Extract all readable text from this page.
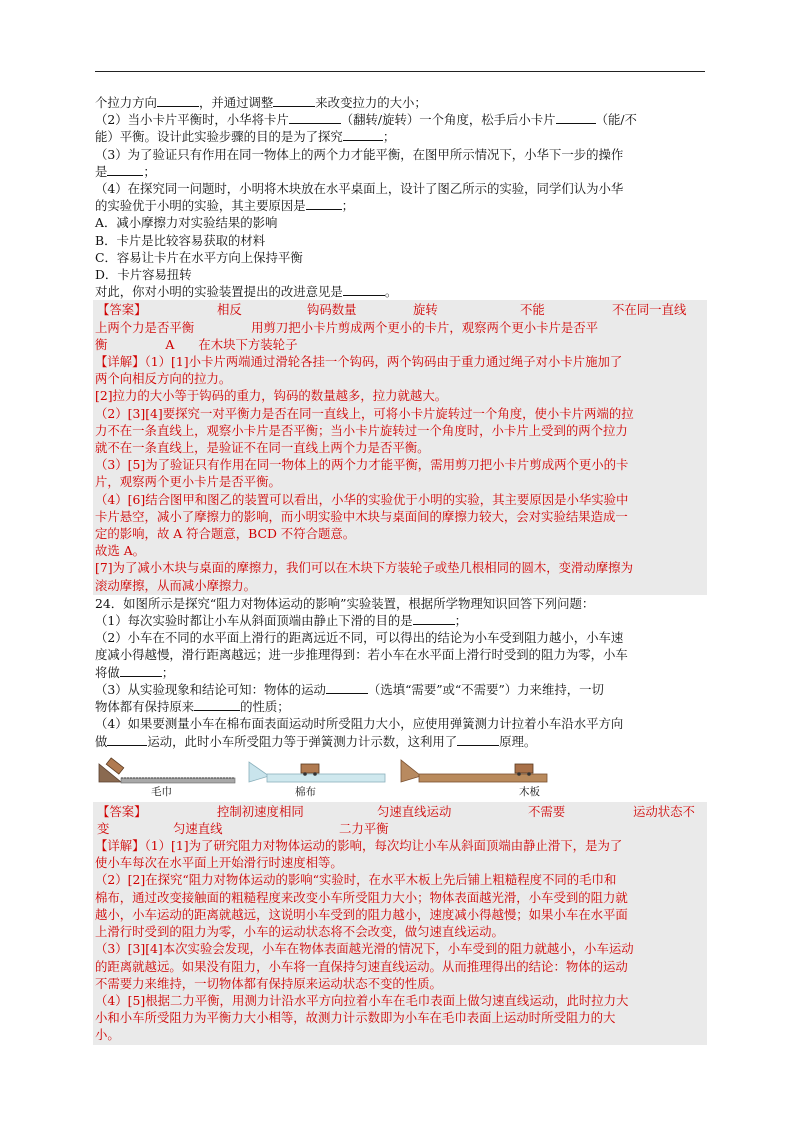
个拉力方向	，并通过调整	来改变拉力的大小；

（2）当小卡片平衡时，小华将卡片	（翻转/旋转）一个角度，松手后小卡片	（能/不

能）平衡。设计此实验步骤的目的是为了探究	；

（3）为了验证只有作用在同一物体上的两个力才能平衡，在图甲所示情况下，小华下一步的操作

是	；

（4）在探究同一问题时，小明将木块放在水平桌面上，设计了图乙所示的实验，同学们认为小华

的实验优于小明的实验，其主要原因是	；

A．减小摩擦力对实验结果的影响

B．卡片是比较容易获取的材料

C．容易让卡片在水平方向上保持平衡

D．卡片容易扭转

对此，你对小明的实验装置提出的改进意见是	。

【答案】	相反	钩码数量	旋转	不能	不在同一直线

上两个力是否平衡	用剪刀把小卡片剪成两个更小的卡片，观察两个更小卡片是否平

衡	A 在木块下方装轮子

【详解】（1）[1]小卡片两端通过滑轮各挂一个钩码，两个钩码由于重力通过绳子对小卡片施加了

两个向相反方向的拉力。

[2]拉力的大小等于钩码的重力，钩码的数量越多，拉力就越大。

（2）[3][4]要探究一对平衡力是否在同一直线上，可将小卡片旋转过一个角度，使小卡片两端的拉

力不在一条直线上，观察小卡片是否平衡；当小卡片旋转过一个角度时，小卡片上受到的两个拉力

就不在一条直线上，是验证不在同一直线上两个力是否平衡。

（3）[5]为了验证只有作用在同一物体上的两个力才能平衡，需用剪刀把小卡片剪成两个更小的卡

片，观察两个更小卡片是否平衡。

（4）[6]结合图甲和图乙的装置可以看出，小华的实验优于小明的实验，其主要原因是小华实验中

卡片悬空，减小了摩擦力的影响，而小明实验中木块与桌面间的摩擦力较大，会对实验结果造成一

定的影响，故 A 符合题意，BCD 不符合题意。

故选 A。

[7]为了减小木块与桌面的摩擦力，我们可以在木块下方装轮子或垫几根相同的圆木，变滑动摩擦为

滚动摩擦，从而减小摩擦力。

24．如图所示是探究“阻力对物体运动的影响”实验装置，根据所学物理知识回答下列问题：

（1）每次实验时都让小车从斜面顶端由静止下滑的目的是	；

（2）小车在不同的水平面上滑行的距离远近不同，可以得出的结论为小车受到阻力越小，小车速

度减小得越慢，滑行距离越远；进一步推理得到：若小车在水平面上滑行时受到的阻力为零，小车

将做	；

（3）从实验现象和结论可知：物体的运动	（选填“需要”或“不需要”）力来维持，一切

物体都有保持原来	的性质；

（4）如果要测量小车在棉布面表面运动时所受阻力大小，应使用弹簧测力计拉着小车沿水平方向

做	运动，此时小车所受阻力等于弹簧测力计示数，这利用了	原理。

毛巾	棉布	木板

【答案】	控制初速度相同	匀速直线运动	不需要	运动状态不

变	匀速直线	二力平衡

【详解】（1）[1]为了研究阻力对物体运动的影响，每次均让小车从斜面顶端由静止滑下，是为了

使小车每次在水平面上开始滑行时速度相等。

（2）[2]在探究“阻力对物体运动的影响“实验时，在水平木板上先后铺上粗糙程度不同的毛巾和

棉布，通过改变接触面的粗糙程度来改变小车所受阻力大小；物体表面越光滑，小车受到的阻力就

越小，小车运动的距离就越远，这说明小车受到的阻力越小，速度减小得越慢；如果小车在水平面

上滑行时受到的阻力为零，小车的运动状态将不会改变，做匀速直线运动。

（3）[3][4]本次实验会发现，小车在物体表面越光滑的情况下，小车受到的阻力就越小，小车运动

的距离就越远。如果没有阻力，小车将一直保持匀速直线运动。从而推理得出的结论：物体的运动

不需要力来维持，一切物体都有保持原来运动状态不变的性质。

（4）[5]根据二力平衡，用测力计沿水平方向拉着小车在毛巾表面上做匀速直线运动，此时拉力大

小和小车所受阻力为平衡力大小相等，故测力计示数即为小车在毛巾表面上运动时所受阻力的大

小。
